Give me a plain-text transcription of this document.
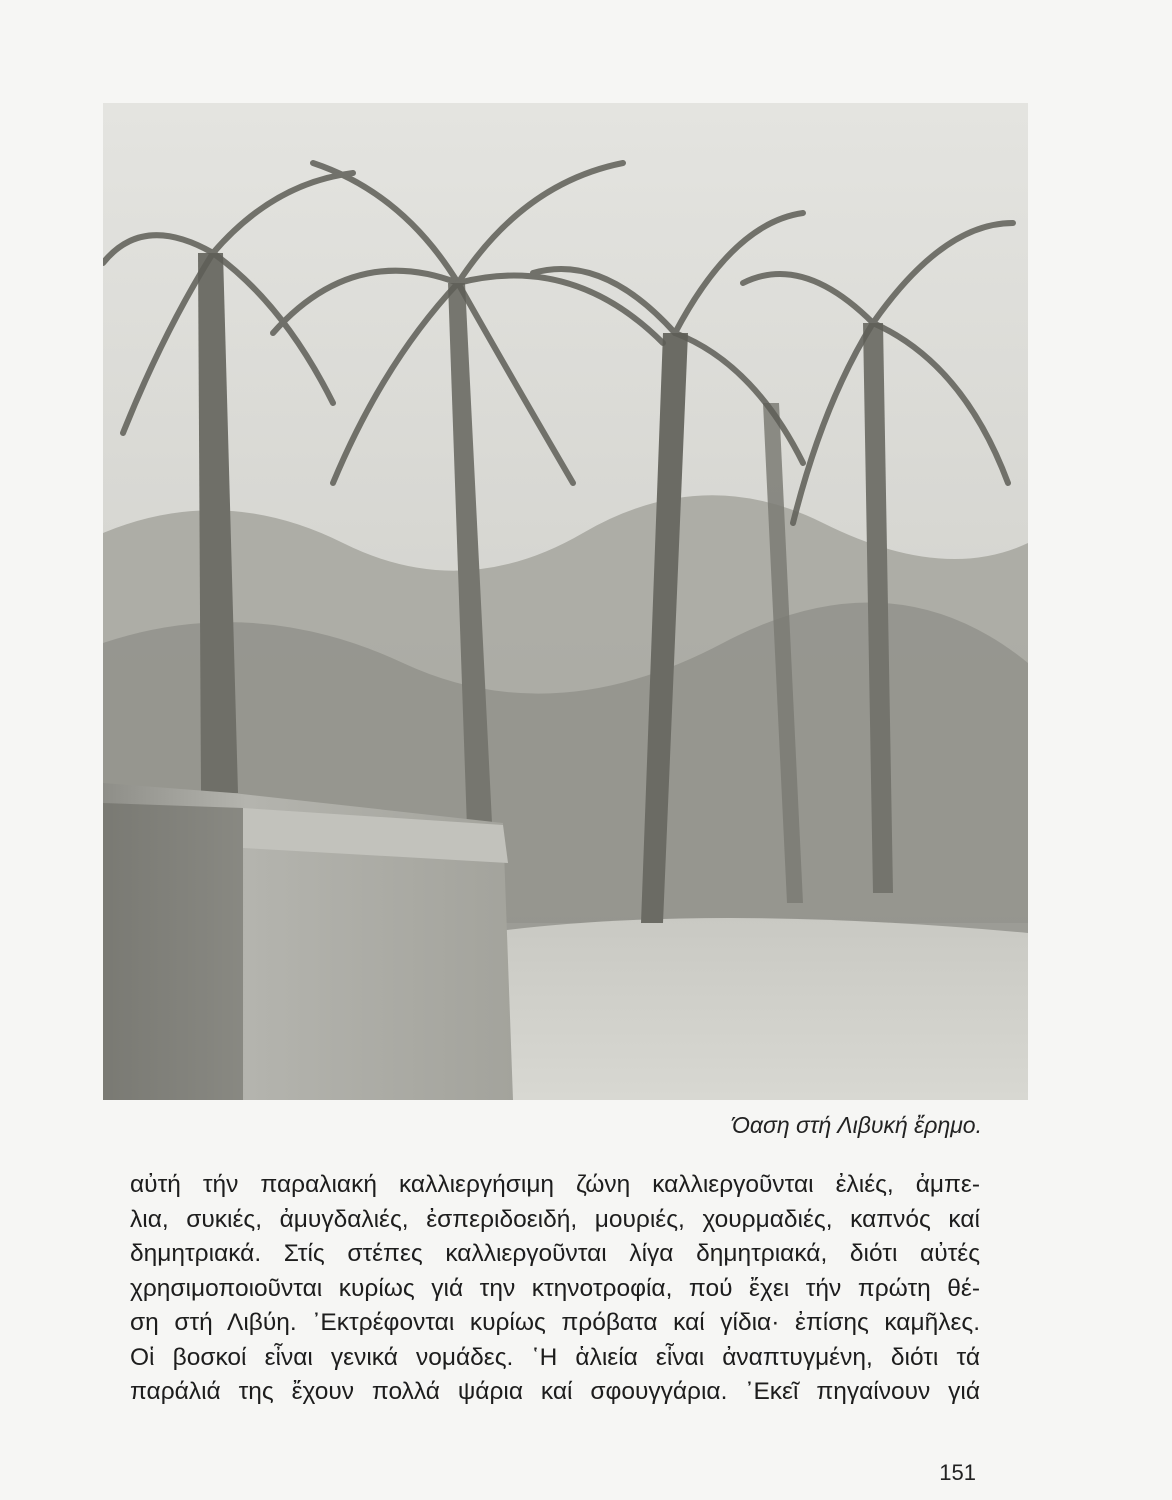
Όαση στή Λιβυκή ἔρημο.
αὐτή τήν παραλιακή καλλιεργήσιμη ζώνη καλλιεργοῦνται ἐλιές, ἀμπε-
λια, συκιές, ἀμυγδαλιές, ἐσπεριδοειδή, μουριές, χουρμαδιές, καπνός καί
δημητριακά. Στίς στέπες καλλιεργοῦνται λίγα δημητριακά, διότι αὐτές
χρησιμοποιοῦνται κυρίως γιά την κτηνοτροφία, πού ἔχει τήν πρώτη θέ-
ση στή Λιβύη. ᾿Εκτρέφονται κυρίως πρόβατα καί γίδια· ἐπίσης καμῆλες.
Οἱ βοσκοί εἶναι γενικά νομάδες. ῾Η ἁλιεία εἶναι ἀναπτυγμένη, διότι τά
παράλιά της ἔχουν πολλά ψάρια καί σφουγγάρια. ᾿Εκεῖ πηγαίνουν γιά
151
